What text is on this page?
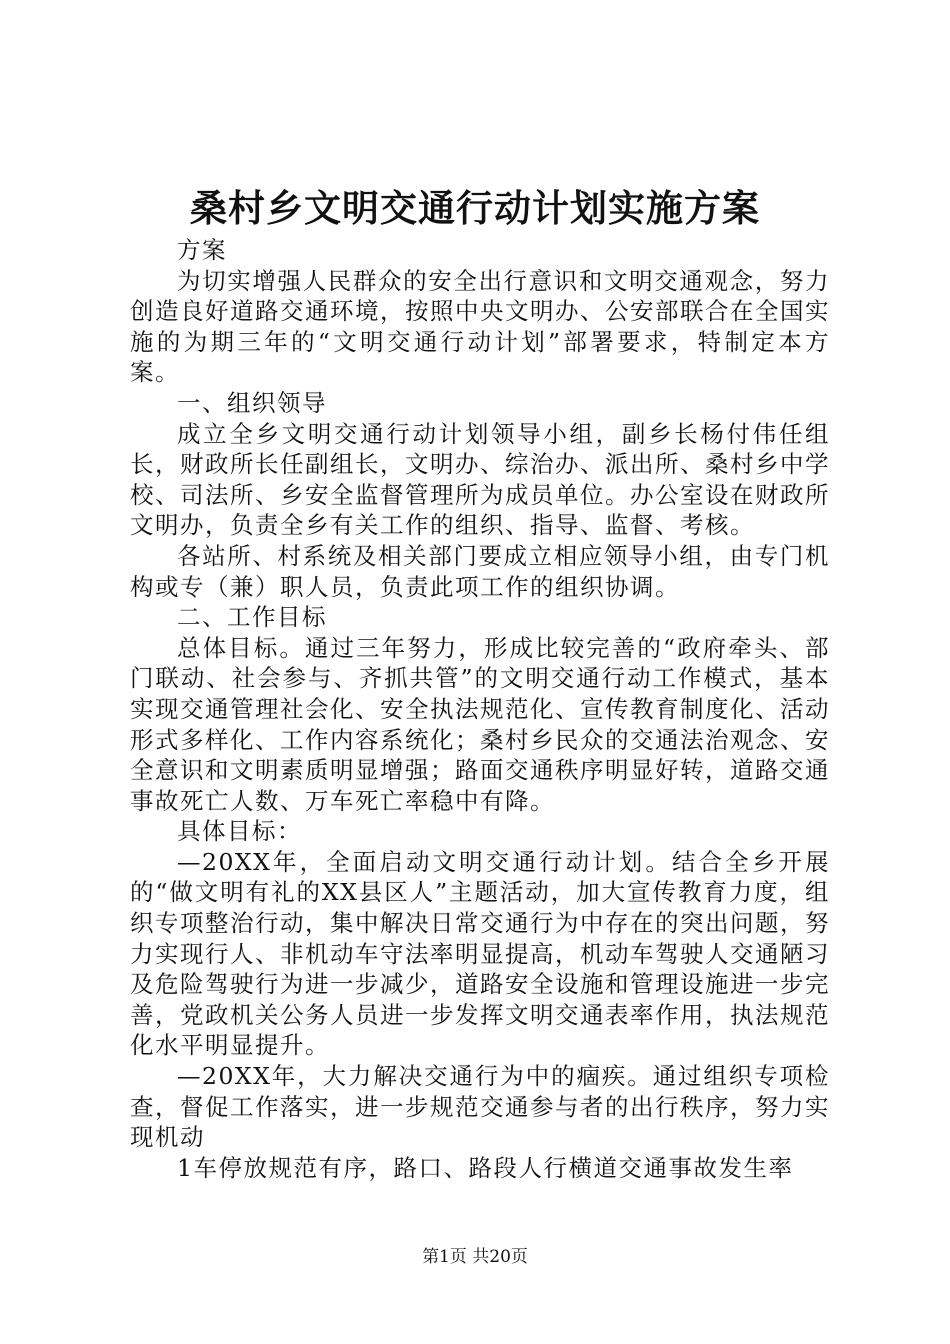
桑村乡文明交通行动计划实施方案

方案

为切实增强人民群众的安全出行意识和文明交通观念，努力创造良好道路交通环境，按照中央文明办、公安部联合在全国实施的为期三年的“文明交通行动计划”部署要求，特制定本方案。

一、组织领导

成立全乡文明交通行动计划领导小组，副乡长杨付伟任组长，财政所长任副组长，文明办、综治办、派出所、桑村乡中学校、司法所、乡安全监督管理所为成员单位。办公室设在财政所文明办，负责全乡有关工作的组织、指导、监督、考核。

各站所、村系统及相关部门要成立相应领导小组，由专门机构或专（兼）职人员，负责此项工作的组织协调。

二、工作目标

总体目标。通过三年努力，形成比较完善的“政府牵头、部门联动、社会参与、齐抓共管”的文明交通行动工作模式，基本实现交通管理社会化、安全执法规范化、宣传教育制度化、活动形式多样化、工作内容系统化；桑村乡民众的交通法治观念、安全意识和文明素质明显增强；路面交通秩序明显好转，道路交通事故死亡人数、万车死亡率稳中有降。

具体目标：

—20XX年，全面启动文明交通行动计划。结合全乡开展的“做文明有礼的XX县区人”主题活动，加大宣传教育力度，组织专项整治行动，集中解决日常交通行为中存在的突出问题，努力实现行人、非机动车守法率明显提高，机动车驾驶人交通陋习及危险驾驶行为进一步减少，道路安全设施和管理设施进一步完善，党政机关公务人员进一步发挥文明交通表率作用，执法规范化水平明显提升。

—20XX年，大力解决交通行为中的痼疾。通过组织专项检查，督促工作落实，进一步规范交通参与者的出行秩序，努力实现机动

1车停放规范有序，路口、路段人行横道交通事故发生率

第1页 共20页
